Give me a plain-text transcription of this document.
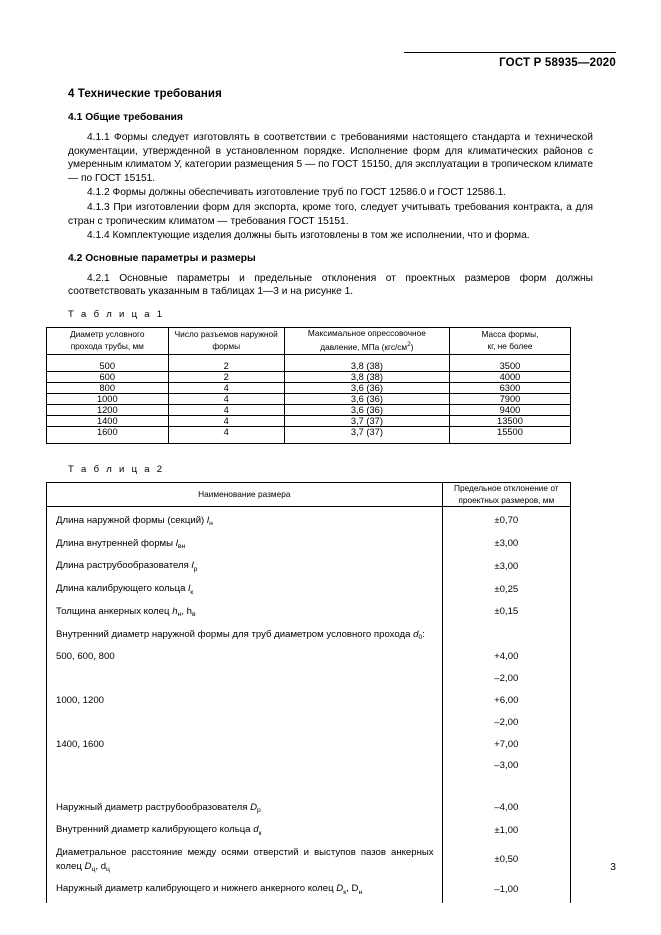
ГОСТ Р 58935—2020
4 Технические требования
4.1 Общие требования

4.1.1 Формы следует изготовлять в соответствии с требованиями настоящего стандарта и технической документации, утвержденной в установленном порядке. Исполнение форм для климатических районов с умеренным климатом У, категории размещения 5 — по ГОСТ 15150, для эксплуатации в тропическом климате — по ГОСТ 15151.

4.1.2 Формы должны обеспечивать изготовление труб по ГОСТ 12586.0 и ГОСТ 12586.1.

4.1.3 При изготовлении форм для экспорта, кроме того, следует учитывать требования контракта, а для стран с тропическим климатом — требования ГОСТ 15151.

4.1.4 Комплектующие изделия должны быть изготовлены в том же исполнении, что и форма.

4.2 Основные параметры и размеры

4.2.1 Основные параметры и предельные отклонения от проектных размеров форм должны соответствовать указанным в таблицах 1—3 и на рисунке 1.

Т а б л и ц а 1
Диаметр условного
прохода трубы, мм	Число разъемов наружной
формы	Максимальное опрессовочное
давление, МПа $(кгс/см^2)$	Масса формы,
кг, не более
500	2	3,8 (38)	3500
600	2	3,8 (38)	4000
800	4	3,6 (36)	6300
1000	4	3,6 (36)	7900
1200	4	3,6 (36)	9400
1400	4	3,7 (37)	13500
1600	4	3,7 (37)	15500
Т а б л и ц а 2
Наименование размера	Предельное отклонение от
проектных размеров, мм
Длина наружной формы (секций) $l_н$	±0,70
Длина внутренней формы $l_{вн}$	±3,00
Длина раструбообразователя $l_р$	±3,00
Длина калибрующего кольца $l_к$	±0,25
Толщина анкерных колец $h_н$, $h_в$	±0,15
Внутренний диаметр наружной формы для труб диаметром условного прохода $d_0$:	
500, 600, 800	+4,00
	–2,00
1000, 1200	+6,00
	–2,00
1400, 1600	+7,00
	–3,00

Наружный диаметр раструбообразователя $D_р$	–4,00
Внутренний диаметр калибрующего кольца $d_к$	±1,00
Диаметральное расстояние между осями отверстий и выступов пазов анкерных колец $D_ц$, $d_ц$	±0,50
Наружный диаметр калибрующего и нижнего анкерного колец $D_к$, $D_н$	–1,00
3
